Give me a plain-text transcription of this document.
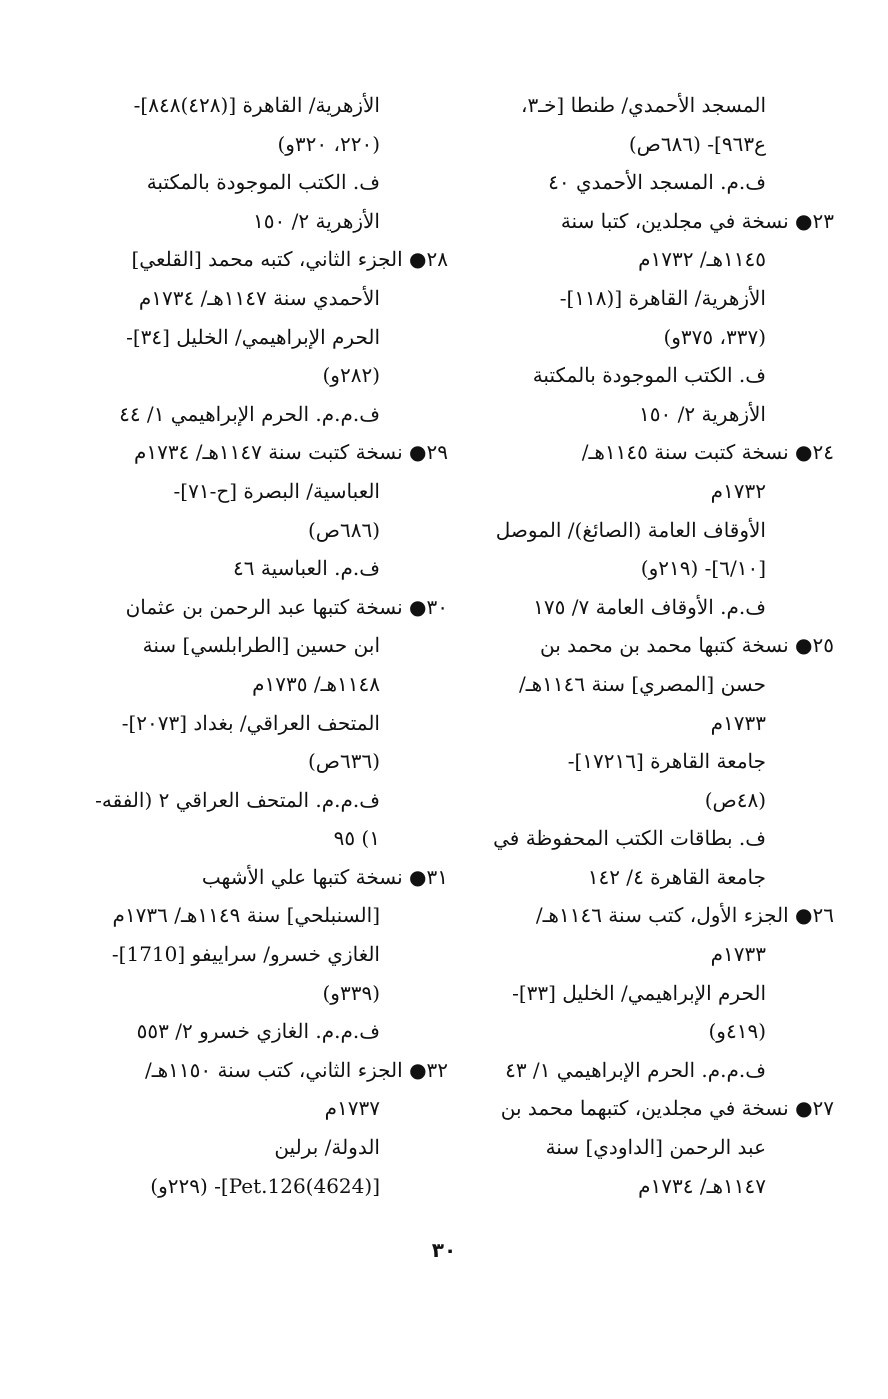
المسجد الأحمدي/ طنطا [خ‍ـ٣،
ع٩٦٣]- (٦٨٦ص)
ف.م. المسجد الأحمدي ٤٠
٢٣● نسخة في مجلدين، كتبا سنة
١١٤٥هـ/ ١٧٣٢م
الأزهرية/ القاهرة [(١١٨]-
(٣٣٧، ٣٧٥و)
ف. الكتب الموجودة بالمكتبة
الأزهرية ٢/ ١٥٠
٢٤● نسخة كتبت سنة ١١٤٥هـ/
١٧٣٢م
الأوقاف العامة (الصائغ)/ الموصل
[٦/١٠]- (٢١٩و)
ف.م. الأوقاف العامة ٧/ ١٧٥
٢٥● نسخة كتبها محمد بن محمد بن
حسن [المصري] سنة ١١٤٦هـ/
١٧٣٣م
جامعة القاهرة [١٧٢١٦]-
(٤٨ص)
ف. بطاقات الكتب المحفوظة في
جامعة القاهرة ٤/ ١٤٢
٢٦● الجزء الأول، كتب سنة ١١٤٦هـ/
١٧٣٣م
الحرم الإبراهيمي/ الخليل [٣٣]-
(٤١٩و)
ف.م.م. الحرم الإبراهيمي ١/ ٤٣
٢٧● نسخة في مجلدين، كتبهما محمد بن
عبد الرحمن [الداودي] سنة
١١٤٧هـ/ ١٧٣٤م
الأزهرية/ القاهرة [(٤٢٨)٨٤٨]-
(٢٢٠، ٣٢٠و)
ف. الكتب الموجودة بالمكتبة
الأزهرية ٢/ ١٥٠
٢٨● الجزء الثاني، كتبه محمد [القلعي]
الأحمدي سنة ١١٤٧هـ/ ١٧٣٤م
الحرم الإبراهيمي/ الخليل [٣٤]-
(٢٨٢و)
ف.م.م. الحرم الإبراهيمي ١/ ٤٤
٢٩● نسخة كتبت سنة ١١٤٧هـ/ ١٧٣٤م
العباسية/ البصرة [ح-٧١]-
(٦٨٦ص)
ف.م. العباسية ٤٦
٣٠● نسخة كتبها عبد الرحمن بن عثمان
ابن حسين [الطرابلسي] سنة
١١٤٨هـ/ ١٧٣٥م
المتحف العراقي/ بغداد [٢٠٧٣]-
(٦٣٦ص)
ف.م.م. المتحف العراقي ٢ (الفقه-
١) ٩٥
٣١● نسخة كتبها علي الأشهب
[السنبلحي] سنة ١١٤٩هـ/ ١٧٣٦م
الغازي خسرو/ سراييفو [1710]-
(٣٣٩و)
ف.م.م. الغازي خسرو ٢/ ٥٥٣
٣٢● الجزء الثاني، كتب سنة ١١٥٠هـ/
١٧٣٧م
الدولة/ برلين
[(4624)Pet.126]- (٢٢٩و)
٣٠
